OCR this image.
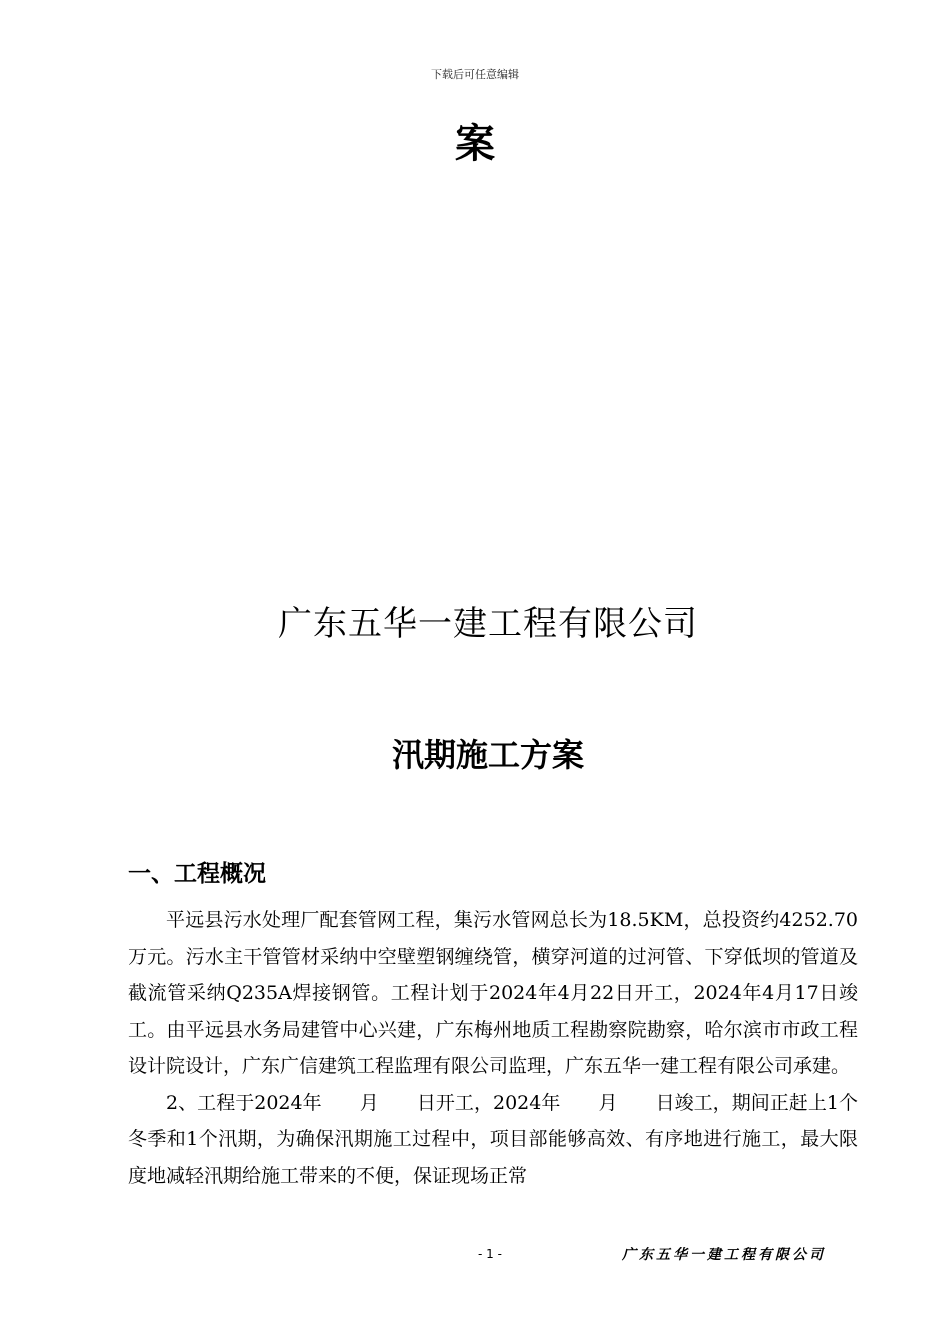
下载后可任意编辑
案
广东五华一建工程有限公司
汛期施工方案
一、工程概况

平远县污水处理厂配套管网工程，集污水管网总长为18.5KM，总投资约4252.70万元。污水主干管管材采纳中空壁塑钢缠绕管，横穿河道的过河管、下穿低坝的管道及截流管采纳Q235A焊接钢管。工程计划于2024年4月22日开工，2024年4月17日竣工。由平远县水务局建管中心兴建，广东梅州地质工程勘察院勘察，哈尔滨市市政工程设计院设计，广东广信建筑工程监理有限公司监理，广东五华一建工程有限公司承建。

2、工程于2024年　　月　　日开工，2024年　　月　　日竣工，期间正赶上1个冬季和1个汛期，为确保汛期施工过程中，项目部能够高效、有序地进行施工，最大限度地减轻汛期给施工带来的不便，保证现场正常

- 1 -	广东五华一建工程有限公司
